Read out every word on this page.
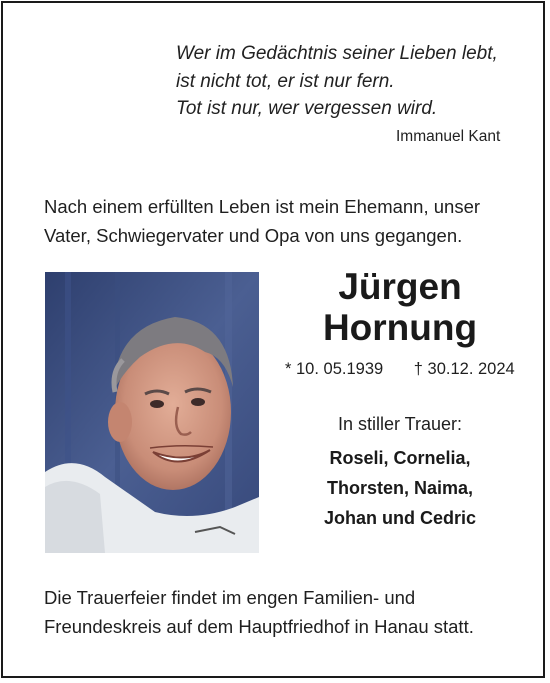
Wer im Gedächtnis seiner Lieben lebt,
ist nicht tot, er ist nur fern.
Tot ist nur, wer vergessen wird.
Immanuel Kant
Nach einem erfüllten Leben ist mein Ehemann, unser
Vater, Schwiegervater und Opa von uns gegangen.
Jürgen
Hornung
* 10. 05.1939 † 30.12. 2024
In stiller Trauer:
Roseli, Cornelia,
Thorsten, Naima,
Johan und Cedric
Die Trauerfeier findet im engen Familien- und
Freundeskreis auf dem Hauptfriedhof in Hanau statt.
